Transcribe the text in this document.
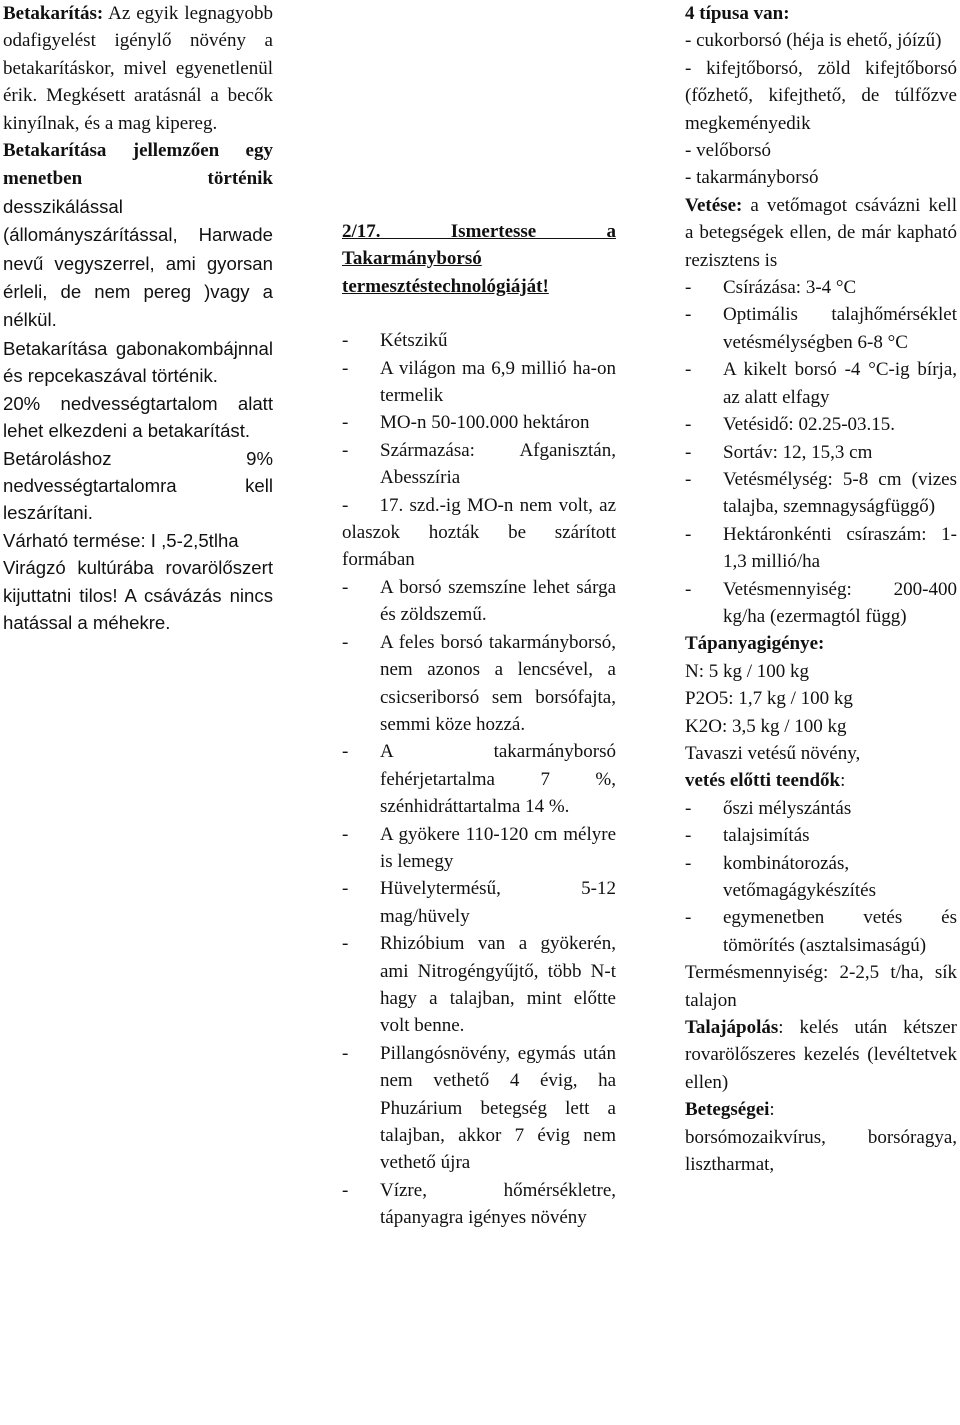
Betakarítás: Az egyik legnagyobb odafigyelést igénylő növény a betakarításkor, mivel egyenetlenül érik. Megkésett aratásnál a becők kinyílnak, és a mag kipereg.

Betakarítása jellemzően egy menetben történik desszikálással (állományszárítással, Harwade nevű vegyszerrel, ami gyorsan érleli, de nem pereg )vagy a nélkül.

Betakarítása gabonakombájnnal és repcekaszával történik.

20% nedvességtartalom alatt lehet elkezdeni a betakarítást.

Betároláshoz 9% nedvességtartalomra kell leszárítani.

Várható termése: I ,5-2,5tlha

Virágzó kultúrába rovarölőszert kijuttatni tilos! A csávázás nincs hatással a méhekre.

2/17. Ismertesse a Takarmányborsó termesztéstechnológiáját!

- Kétszikű
- A világon ma 6,9 millió ha-on termelik
- MO-n 50-100.000 hektáron
- Származása: Afganisztán, Abesszíria

- 17. szd.-ig MO-n nem volt, az olaszok hozták be szárított formában

- A borsó szemszíne lehet sárga és zöldszemű.
- A feles borsó takarmányborsó, nem azonos a lencsével, a csicseriborsó sem borsófajta, semmi köze hozzá.
- A takarmányborsó fehérjetartalma 7 %, szénhidráttartalma 14 %.
- A gyökere 110-120 cm mélyre is lemegy
- Hüvelytermésű, 5-12 mag/hüvely
- Rhizóbium van a gyökerén, ami Nitrogéngyűjtő, több N-t hagy a talajban, mint előtte volt benne.
- Pillangósnövény, egymás után nem vethető 4 évig, ha Phuzárium betegség lett a talajban, akkor 7 évig nem vethető újra
- Vízre, hőmérsékletre, tápanyagra igényes növény

4 típusa van:

- cukorborsó (héja is ehető, jóízű)

- kifejtőborsó, zöld kifejtőborsó (főzhető, kifejthető, de túlfőzve megkeményedik

- velőborsó

- takarmányborsó

Vetése: a vetőmagot csávázni kell a betegségek ellen, de már kapható rezisztens is

- Csírázása: 3-4 °C
- Optimális talajhőmérséklet vetésmélységben 6-8 °C
- A kikelt borsó -4 °C-ig bírja, az alatt elfagy
- Vetésidő: 02.25-03.15.
- Sortáv: 12, 15,3 cm
- Vetésmélység: 5-8 cm (vizes talajba, szemnagyságfüggő)
- Hektáronkénti csíraszám: 1-1,3 millió/ha
- Vetésmennyiség: 200-400 kg/ha (ezermagtól függ)

Tápanyagigénye:

N: 5 kg / 100 kg

P2O5: 1,7 kg / 100 kg

K2O: 3,5 kg / 100 kg

Tavaszi vetésű növény,
vetés előtti teendők:

- őszi mélyszántás
- talajsimítás
- kombinátorozás, vetőmagágykészítés
- egymenetben vetés és tömörítés (asztalsimaságú)

Termésmennyiség: 2-2,5 t/ha, sík talajon

Talajápolás: kelés után kétszer rovarölőszeres kezelés (levéltetvek ellen)

Betegségei:

borsómozaikvírus, borsóragya, lisztharmat,
